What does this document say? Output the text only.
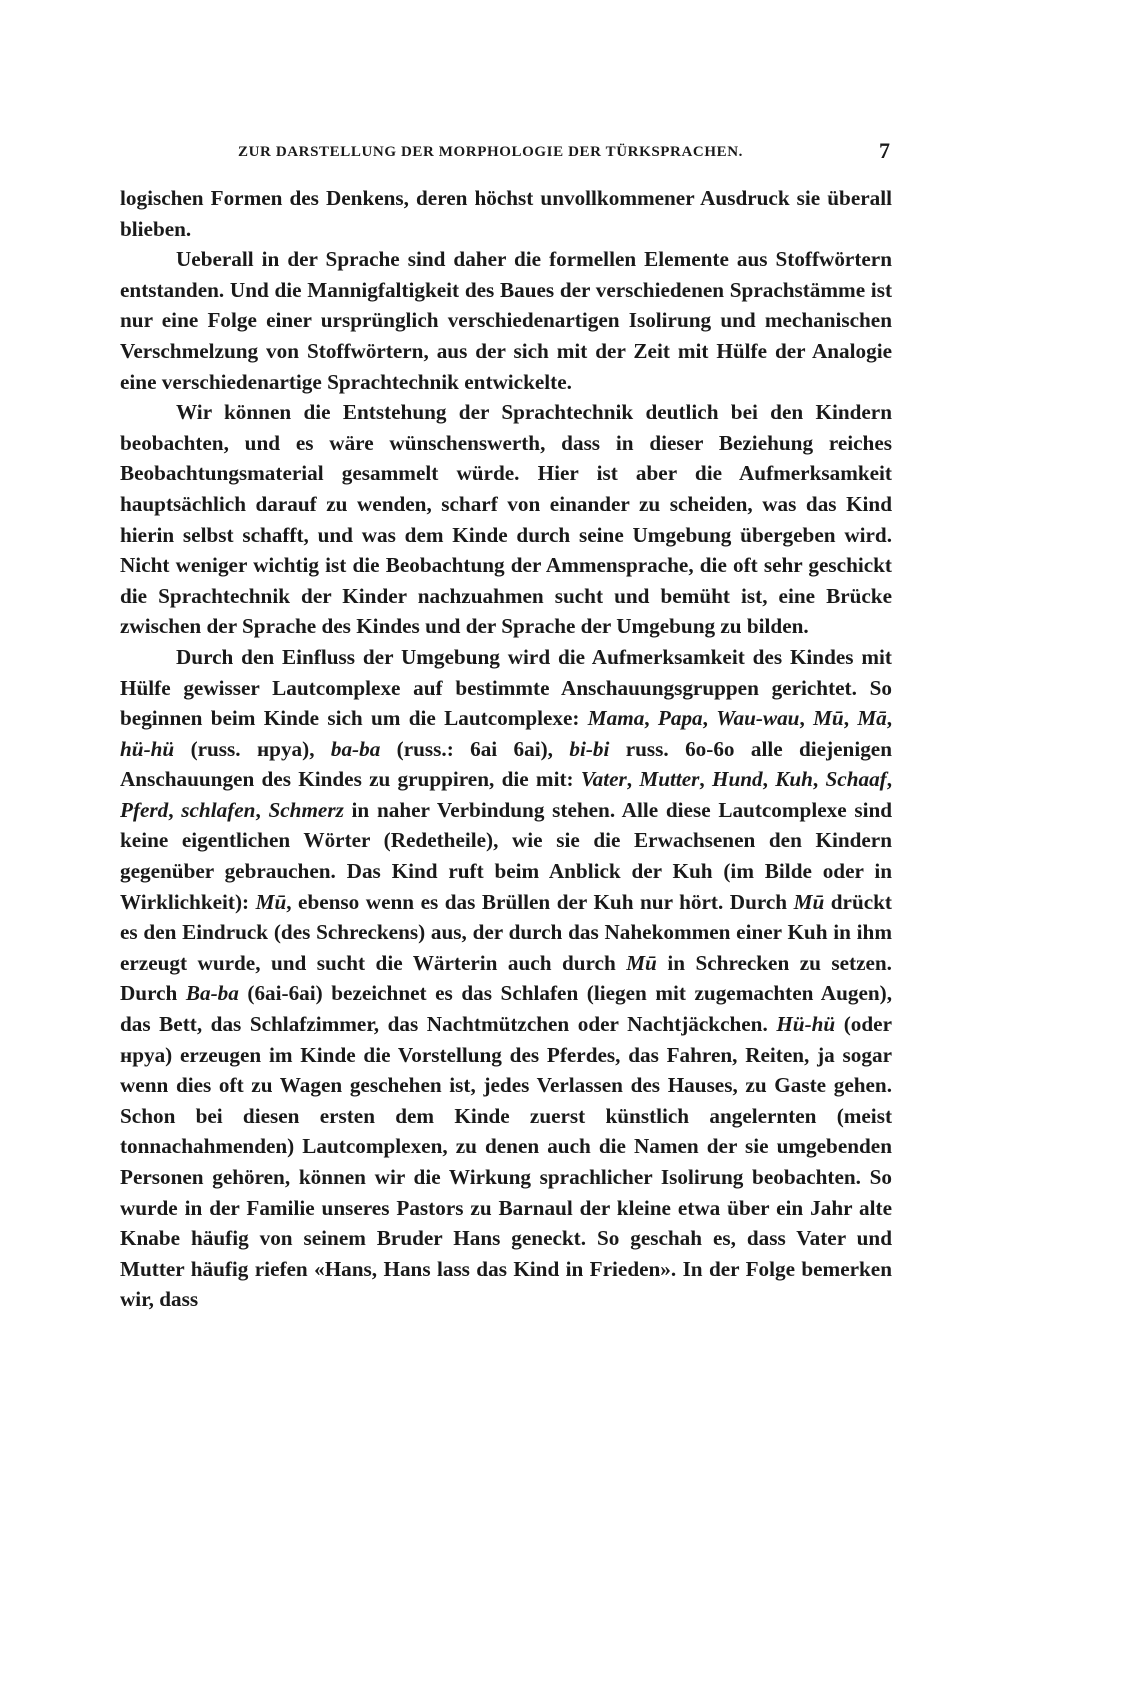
ZUR DARSTELLUNG DER MORPHOLOGIE DER TÜRKSPRACHEN.	7

logischen Formen des Denkens, deren höchst unvollkommener Ausdruck sie überall blieben.

Ueberall in der Sprache sind daher die formellen Elemente aus Stoffwörtern entstanden. Und die Mannigfaltigkeit des Baues der verschiedenen Sprachstämme ist nur eine Folge einer ursprünglich verschiedenartigen Isolirung und mechanischen Verschmelzung von Stoffwörtern, aus der sich mit der Zeit mit Hülfe der Analogie eine verschiedenartige Sprachtechnik entwickelte.

Wir können die Entstehung der Sprachtechnik deutlich bei den Kindern beobachten, und es wäre wünschenswerth, dass in dieser Beziehung reiches Beobachtungsmaterial gesammelt würde. Hier ist aber die Aufmerksamkeit hauptsächlich darauf zu wenden, scharf von einander zu scheiden, was das Kind hierin selbst schafft, und was dem Kinde durch seine Umgebung übergeben wird. Nicht weniger wichtig ist die Beobachtung der Ammensprache, die oft sehr geschickt die Sprachtechnik der Kinder nachzuahmen sucht und bemüht ist, eine Brücke zwischen der Sprache des Kindes und der Sprache der Umgebung zu bilden.

Durch den Einfluss der Umgebung wird die Aufmerksamkeit des Kindes mit Hülfe gewisser Lautcomplexe auf bestimmte Anschauungsgruppen gerichtet. So beginnen beim Kinde sich um die Lautcomplexe: Mama, Papa, Wau-wau, Mū, Mā, hü-hü (russ. нрya), ba-ba (russ.: 6ai 6ai), bi-bi russ. 6o-6o alle diejenigen Anschauungen des Kindes zu gruppiren, die mit: Vater, Mutter, Hund, Kuh, Schaaf, Pferd, schlafen, Schmerz in naher Verbindung stehen. Alle diese Lautcomplexe sind keine eigentlichen Wörter (Redetheile), wie sie die Erwachsenen den Kindern gegenüber gebrauchen. Das Kind ruft beim Anblick der Kuh (im Bilde oder in Wirklichkeit): Mū, ebenso wenn es das Brüllen der Kuh nur hört. Durch Mū drückt es den Eindruck (des Schreckens) aus, der durch das Nahekommen einer Kuh in ihm erzeugt wurde, und sucht die Wärterin auch durch Mū in Schrecken zu setzen. Durch Ba-ba (6ai-6ai) bezeichnet es das Schlafen (liegen mit zugemachten Augen), das Bett, das Schlafzimmer, das Nachtmützchen oder Nachtjäckchen. Hü-hü (oder нрya) erzeugen im Kinde die Vorstellung des Pferdes, das Fahren, Reiten, ja sogar wenn dies oft zu Wagen geschehen ist, jedes Verlassen des Hauses, zu Gaste gehen. Schon bei diesen ersten dem Kinde zuerst künstlich angelernten (meist tonnachahmenden) Lautcomplexen, zu denen auch die Namen der sie umgebenden Personen gehören, können wir die Wirkung sprachlicher Isolirung beobachten. So wurde in der Familie unseres Pastors zu Barnaul der kleine etwa über ein Jahr alte Knabe häufig von seinem Bruder Hans geneckt. So geschah es, dass Vater und Mutter häufig riefen «Hans, Hans lass das Kind in Frieden». In der Folge bemerken wir, dass
